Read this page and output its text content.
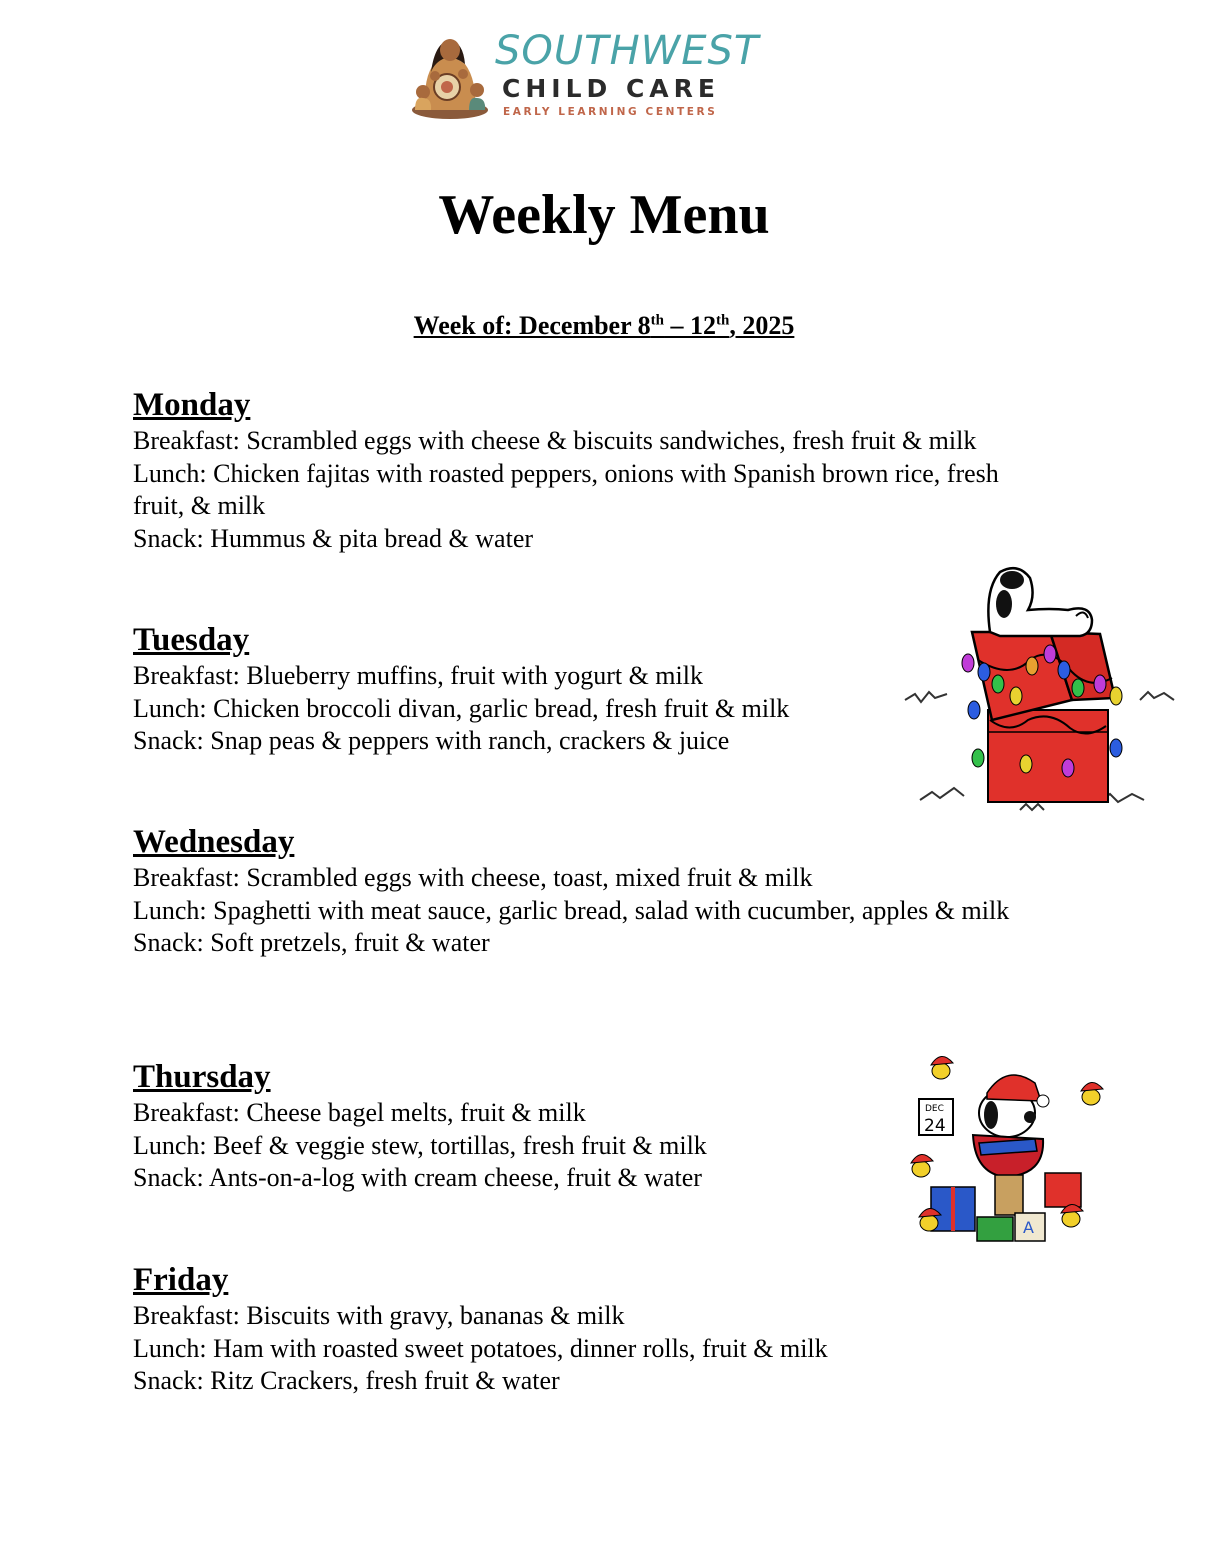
SOUTHWEST
CHILD CARE
EARLY LEARNING CENTERS
Weekly Menu
Week of: December 8th – 12th, 2025
Monday

Breakfast: Scrambled eggs with cheese & biscuits sandwiches, fresh fruit & milk

Lunch: Chicken fajitas with roasted peppers, onions with Spanish brown rice, fresh fruit, & milk

Snack: Hummus & pita bread & water

Tuesday

Breakfast: Blueberry muffins, fruit with yogurt & milk

Lunch: Chicken broccoli divan, garlic bread, fresh fruit & milk

Snack: Snap peas & peppers with ranch, crackers & juice

Wednesday

Breakfast: Scrambled eggs with cheese, toast, mixed fruit & milk

Lunch: Spaghetti with meat sauce, garlic bread, salad with cucumber, apples & milk

Snack: Soft pretzels, fruit & water

Thursday

Breakfast: Cheese bagel melts, fruit & milk

Lunch: Beef & veggie stew, tortillas, fresh fruit & milk

Snack: Ants-on-a-log with cream cheese, fruit & water

Friday

Breakfast: Biscuits with gravy, bananas & milk

Lunch: Ham with roasted sweet potatoes, dinner rolls, fruit & milk

Snack: Ritz Crackers, fresh fruit & water

DEC
24
A
